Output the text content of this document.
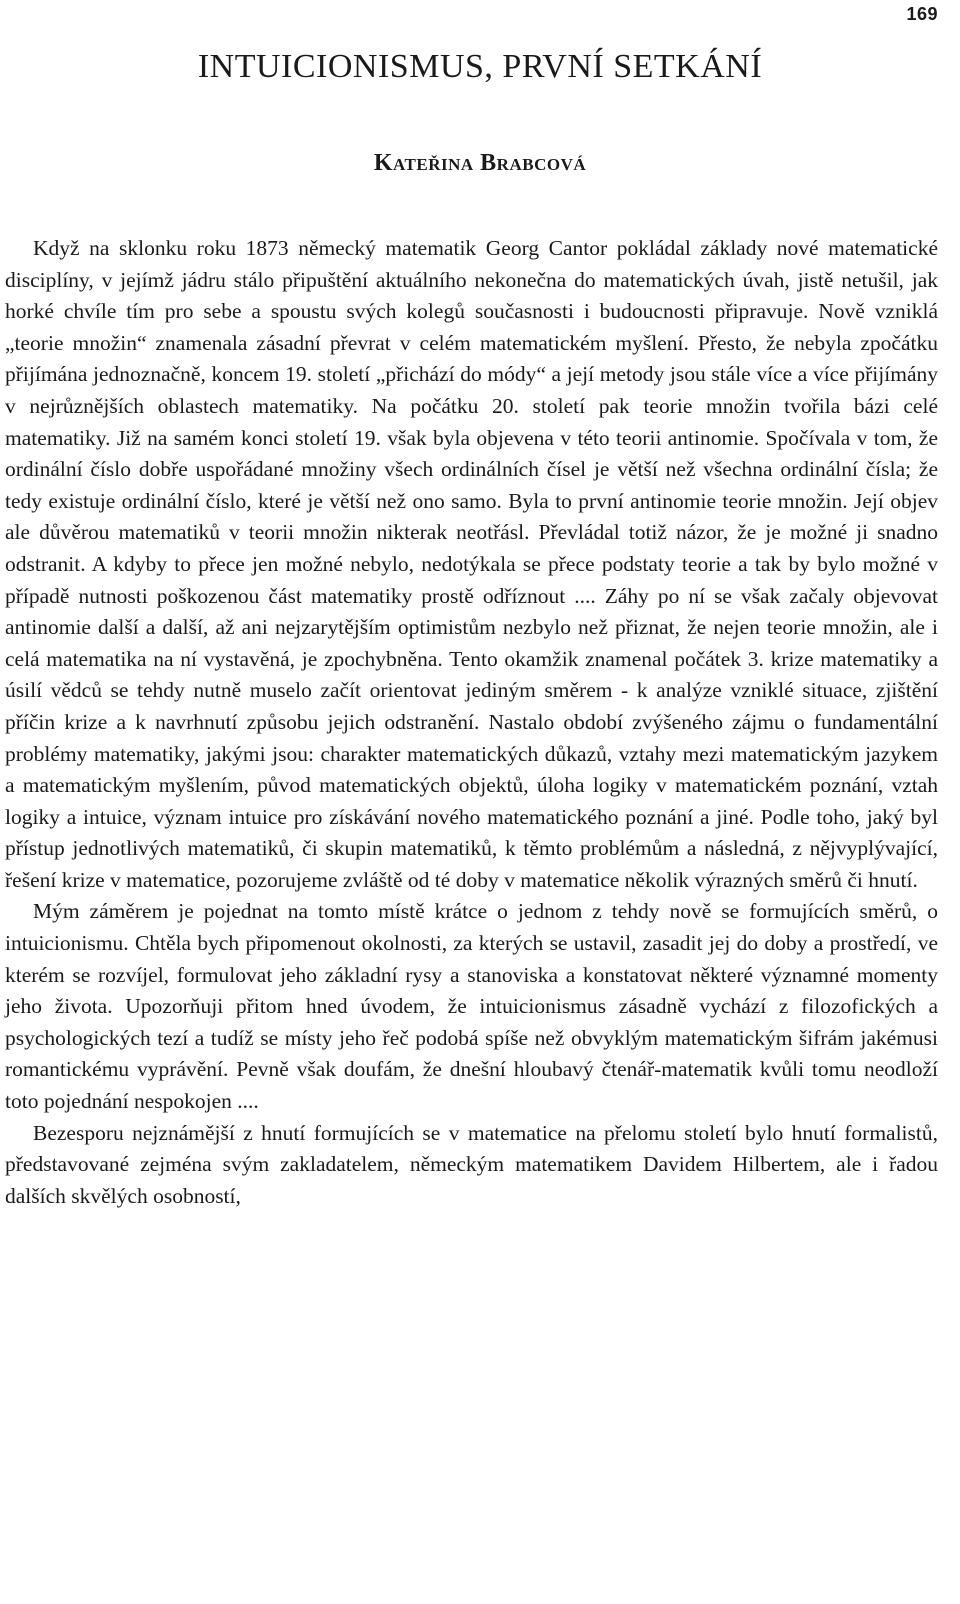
169
INTUICIONISMUS, PRVNÍ SETKÁNÍ
Kateřina Brabcová

Když na sklonku roku 1873 německý matematik Georg Cantor pokládal základy nové matematické disciplíny, v jejímž jádru stálo připuštění aktuálního nekonečna do matematických úvah, jistě netušil, jak horké chvíle tím pro sebe a spoustu svých kolegů současnosti i budoucnosti připravuje. Nově vzniklá „teorie množin“ znamenala zásadní převrat v celém matematickém myšlení. Přesto, že nebyla zpočátku přijímána jednoznačně, koncem 19. století „přichází do módy“ a její metody jsou stále více a více přijímány v nejrůznějších oblastech matematiky. Na počátku 20. století pak teorie množin tvořila bázi celé matematiky. Již na samém konci století 19. však byla objevena v této teorii antinomie. Spočívala v tom, že ordinální číslo dobře uspořádané množiny všech ordinálních čísel je větší než všechna ordinální čísla; že tedy existuje ordinální číslo, které je větší než ono samo. Byla to první antinomie teorie množin. Její objev ale důvěrou matematiků v teorii množin nikterak neotřásl. Převládal totiž názor, že je možné ji snadno odstranit. A kdyby to přece jen možné nebylo, nedotýkala se přece podstaty teorie a tak by bylo možné v případě nutnosti poškozenou část matematiky prostě odříznout .... Záhy po ní se však začaly objevovat antinomie další a další, až ani nejzarytějším optimistům nezbylo než přiznat, že nejen teorie množin, ale i celá matematika na ní vystavěná, je zpochybněna. Tento okamžik znamenal počátek 3. krize matematiky a úsilí vědců se tehdy nutně muselo začít orientovat jediným směrem - k analýze vzniklé situace, zjištění příčin krize a k navrhnutí způsobu jejich odstranění. Nastalo období zvýšeného zájmu o fundamentální problémy matematiky, jakými jsou: charakter matematických důkazů, vztahy mezi matematickým jazykem a matematickým myšlením, původ matematických objektů, úloha logiky v matematickém poznání, vztah logiky a intuice, význam intuice pro získávání nového matematického poznání a jiné. Podle toho, jaký byl přístup jednotlivých matematiků, či skupin matematiků, k těmto problémům a následná, z nějvyplývající, řešení krize v matematice, pozorujeme zvláště od té doby v matematice několik výrazných směrů či hnutí.

Mým záměrem je pojednat na tomto místě krátce o jednom z tehdy nově se formujících směrů, o intuicionismu. Chtěla bych připomenout okolnosti, za kterých se ustavil, zasadit jej do doby a prostředí, ve kterém se rozvíjel, formulovat jeho základní rysy a stanoviska a konstatovat některé významné momenty jeho života. Upozorňuji přitom hned úvodem, že intuicionismus zásadně vychází z filozofických a psychologických tezí a tudíž se místy jeho řeč podobá spíše než obvyklým matematickým šifrám jakémusi romantickému vyprávění. Pevně však doufám, že dnešní hloubavý čtenář-matematik kvůli tomu neodloží toto pojednání nespokojen ....

Bezesporu nejznámější z hnutí formujících se v matematice na přelomu století bylo hnutí formalistů, představované zejména svým zakladatelem, německým matematikem Davidem Hilbertem, ale i řadou dalších skvělých osobností,
